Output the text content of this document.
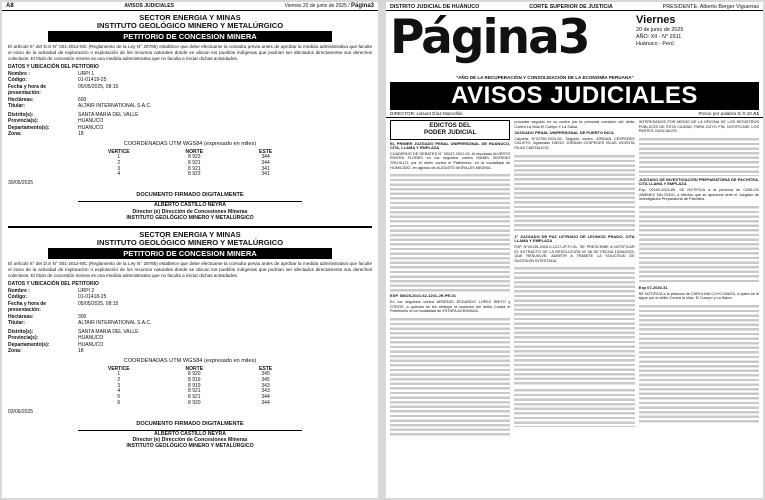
A8	AVISOS JUDICIALES	Viernes 20 de junio de 2025 / Página3
SECTOR ENERGIA Y MINAS
INSTITUTO GEOLÓGICO MINERO Y METALÚRGICO
PETITORIO DE CONCESION MINERA
El artículo 6° del D.S N° 001-2012-MC (Reglamento de la Ley N° 29785) establece que debe efectuarse la consulta previa antes de aprobar la medida administrativa que faculte el inicio de la actividad de exploración o explotación de los recursos naturales donde se ubican los pueblos indígenas que podrían ser afectados directamente sus derechos colectivos. El título de concesión minera es una medida administrativa que no faculta a iniciar dichas actividades.
DATOS Y UBICACIÓN DEL PETITORIO
Nombre :	URPI 1
Código:	01-01419-25
Fecha y hora de presentación:
05/05/2025, 08:15
Hectáreas:	600
Titular:	ALTAIR INTERNATIONAL S.A.C.
Distrito(s):	SANTA MARIA DEL VALLE
Provincia(s):	HUANUCO
Departamento(s):	HUANUCO
Zona:	18
COORDENADAS UTM WGS84 (expresado en miles)
VERTICE	NORTE	ESTE
1	8 923	344
2	8 921	344
3	8 921	341
4	8 923	341
30/05/2025
DOCUMENTO FIRMADO DIGITALMENTE
ALBERTO CASTILLO NEYRA
Director (e) Dirección de Concesiones Mineras
INSTITUTO GEOLÓGICO MINERO Y METALÚRGICO
SECTOR ENERGIA Y MINAS
INSTITUTO GEOLÓGICO MINERO Y METALÚRGICO
PETITORIO DE CONCESION MINERA
El artículo 6° del D.S N° 001-2012-MC (Reglamento de la Ley N° 29785) establece que debe efectuarse la consulta previa antes de aprobar la medida administrativa que faculte el inicio de la actividad de exploración o explotación de los recursos naturales donde se ubican los pueblos indígenas que podrían ser afectados directamente sus derechos colectivos. El título de concesión minera es una medida administrativa que no faculta a iniciar dichas actividades.
DATOS Y UBICACIÓN DEL PETITORIO
Nombre :	URPI 2
Código:	01-01418-25
Fecha y hora de presentación:
05/05/2025, 08:15
Hectáreas:	300
Titular:	ALTAIR INTERNATIONAL S.A.C.
Distrito(s):	SANTA MARIA DEL VALLE
Provincia(s):	HUANUCO
Departamento(s):	HUANUCO
Zona:	18
COORDENADAS UTM WGS84 (expresado en miles)
VERTICE	NORTE	ESTE
1	8 920	345
2	8 919	345
3	8 919	343
4	8 921	343
5	8 921	344
6	8 920	344
03/06/2025
DOCUMENTO FIRMADO DIGITALMENTE
ALBERTO CASTILLO NEYRA
Director (e) Dirección de Concesiones Mineras
INSTITUTO GEOLÓGICO MINERO Y METALÚRGICO
DISTRITO JUDICIAL DE HUÁNUCO	CORTE SUPERIOR DE JUSTICIA	PRESIDENTE: Alberto Berger Viguerras
Página3	Viernes
20 de junio de 2025
AÑO: XII - N° 2911
Huánuco - Perú
"AÑO DE LA RECUPERACIÓN Y CONSOLIDACIÓN DE LA ECONOMÍA PERUANA"
AVISOS JUDICIALES
DIRECTOR: Lissuet Díaz Marcellini	Precio por palabra S/ 0.10 A1
EDICTOS DEL
PODER JUDICIAL
EL PRIMER JUZGADO PENAL UNIPERSONAL DE HUÁNUCO, CITA, LLAMA Y EMPLAZA
CUADERNO DE DEBATES N° 00247-2021-92. Al imputado ALVERTO RIVERA FLORES en los seguidos contra ISABEL MORENO TRUJILLO, por el delito contra el Patrimonio, en la modalidad de HOMICIDIO, en agravio de AUGUSTO MORALES MEDINA.
EXP. 00025-2021-62-1201-JR-PE-01
En los seguidos contra ARSENIO EDGARDO LOPEZ BRITO y OTROS, a quienes se les atribuye la comisión del delito Contra el Patrimonio en la modalidad de ESTAFA AGRAVADA.
proceder seguido en su contra por la presunta comisión del delito Contra La Vida El Cuerpo Y La Salud.
JUZGADO PENAL UNIPERSONAL DE PUERTO INCA
Carpeta: N°01750-2024-83. Seguido contra JORDAN CESPEDES CALIXTO. Agraviado DIEGO JORDAN CESPEDES ISLAS VICENTA ISLAS CANTALICIO.
1° JUZGADO DE PAZ LETRADO DE LEONCIO PRADO; CITA LLAMA Y EMPLAZA
EXP N°00135-2025-0-1217-JP-FI-01. SE PRESCRIBE A NOTIFICAR EL EXTRACTO DE LA RESOLUCIÓN N° 06 DE FECHA 13/06/2025, QUE RESUELVE: ADMITIR A TRAMITE LA SOLICITUD DE SUCESIÓN INTESTADA.
INTERESADOS POR MEDIO DE LA OFICINA DE LOS REGISTROS PÚBLICOS DE ESTA CIUDAD, PARA CUYO FIN, NOTIFICASE LOS PARTES JUDICIALES.
JUZGADO DE INVESTIGACIÓN PREPARATORIA DE PACHITEA, CITA LLAMA Y EMPLAZA
Exp. 00150-2024-85. SE NOTIFICA a la persona de CARLOS JIMENEZ SALCEDO, a efectos que se apersone ante el Juzgado de Investigación Preparatoria de Pachitea.
Exp 07-2020-31
SE NOTIFICA a la persona de CAROLINA CUYO MAIZA, a quien se le sigue por el delito Contra la Vida, El Cuerpo y La Salud.
